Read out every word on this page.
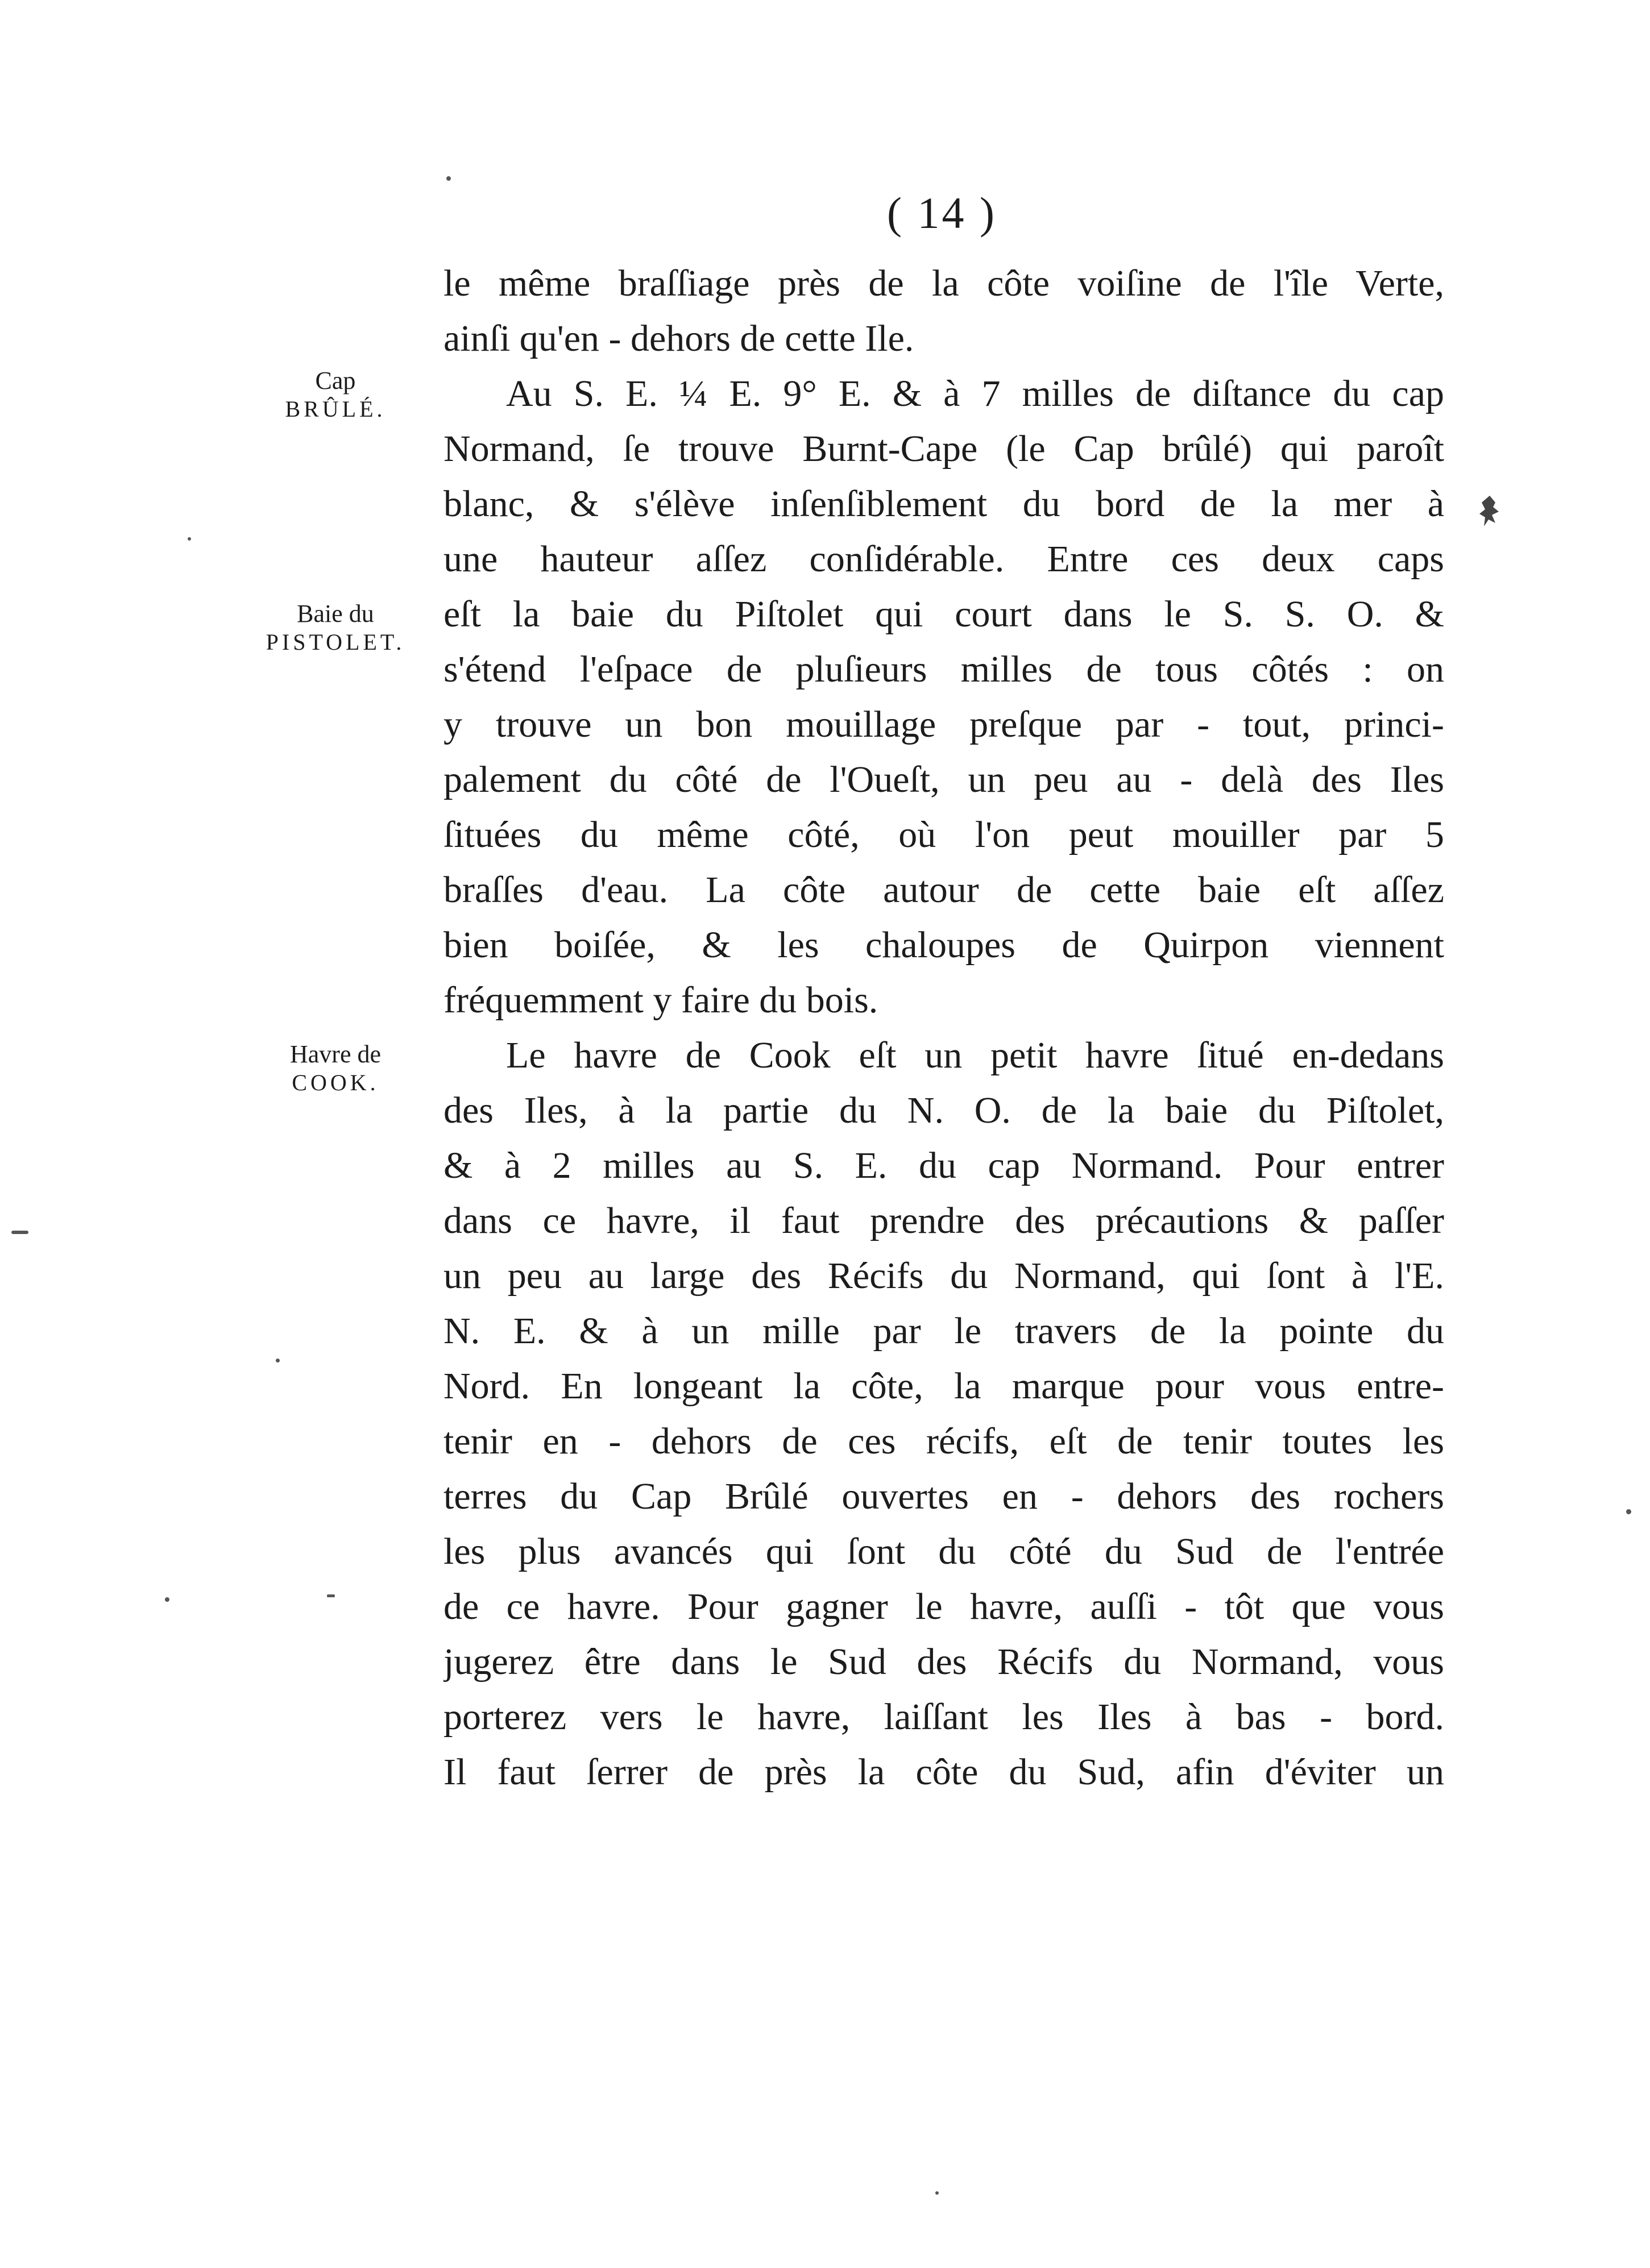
( 14 )
Cap
BRÛLÉ.
Baie du
PISTOLET.
Havre de
COOK.
le même braſſiage près de la côte voiſine de l'île Verte,
ainſi qu'en - dehors de cette Ile.
Au S. E. ¼ E. 9° E. & à 7 milles de diſtance du cap
Normand, ſe trouve Burnt-Cape (le Cap brûlé) qui paroît
blanc, & s'élève inſenſiblement du bord de la mer à
une hauteur aſſez conſidérable. Entre ces deux caps
eſt la baie du Piſtolet qui court dans le S. S. O. &
s'étend l'eſpace de pluſieurs milles de tous côtés : on
y trouve un bon mouillage preſque par - tout, princi-
palement du côté de l'Oueſt, un peu au - delà des Iles
ſituées du même côté, où l'on peut mouiller par 5
braſſes d'eau. La côte autour de cette baie eſt aſſez
bien boiſée, & les chaloupes de Quirpon viennent
fréquemment y faire du bois.
Le havre de Cook eſt un petit havre ſitué en-dedans
des Iles, à la partie du N. O. de la baie du Piſtolet,
& à 2 milles au S. E. du cap Normand. Pour entrer
dans ce havre, il faut prendre des précautions & paſſer
un peu au large des Récifs du Normand, qui ſont à l'E.
N. E. & à un mille par le travers de la pointe du
Nord. En longeant la côte, la marque pour vous entre-
tenir en - dehors de ces récifs, eſt de tenir toutes les
terres du Cap Brûlé ouvertes en - dehors des rochers
les plus avancés qui ſont du côté du Sud de l'entrée
de ce havre. Pour gagner le havre, auſſi - tôt que vous
jugerez être dans le Sud des Récifs du Normand, vous
porterez vers le havre, laiſſant les Iles à bas - bord.
Il faut ſerrer de près la côte du Sud, afin d'éviter un
